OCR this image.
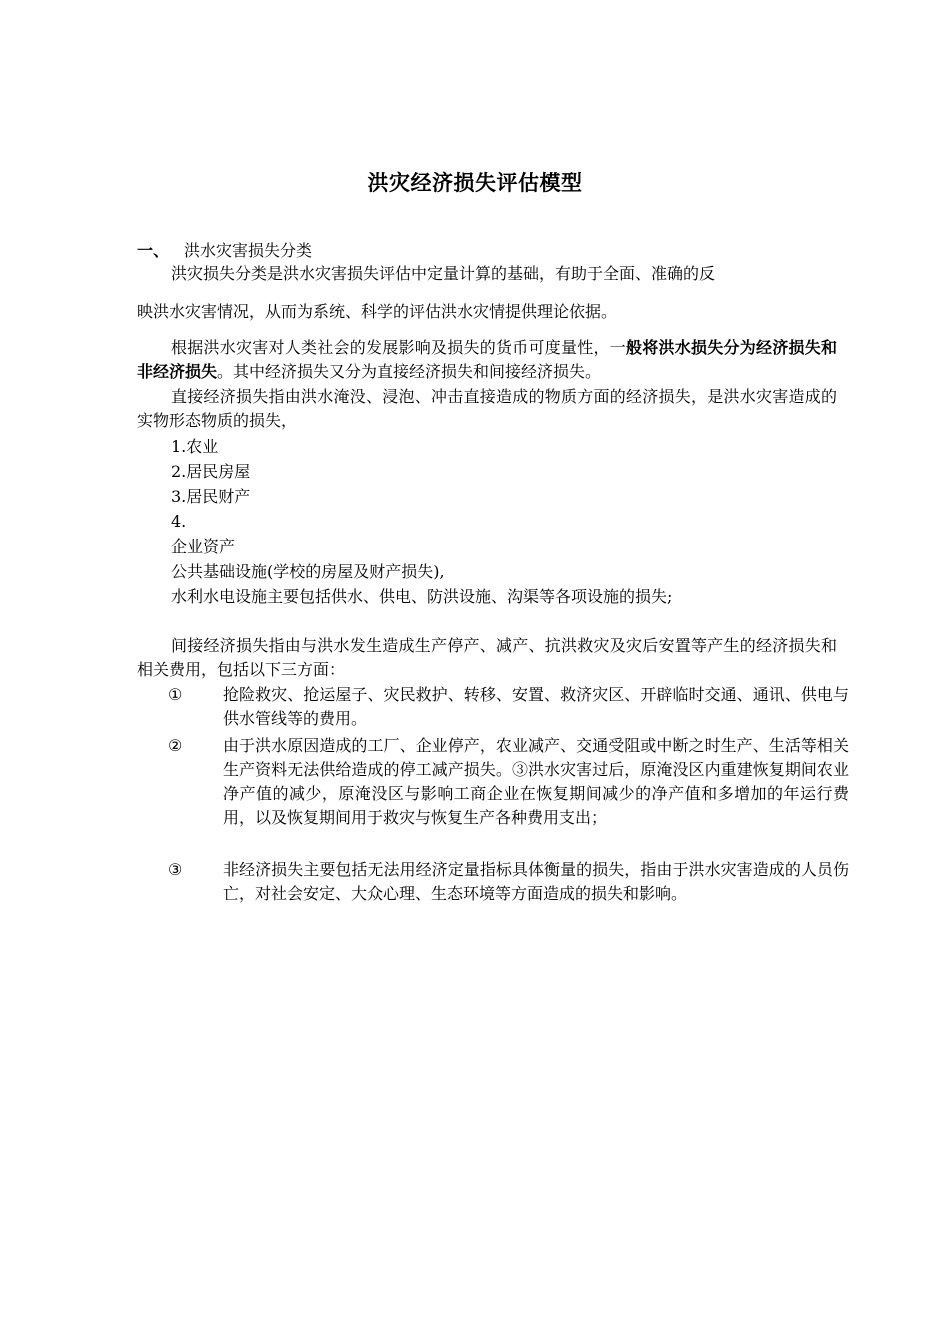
洪灾经济损失评估模型
一、 洪水灾害损失分类
洪灾损失分类是洪水灾害损失评估中定量计算的基础，有助于全面、准确的反
映洪水灾害情况，从而为系统、科学的评估洪水灾情提供理论依据。
根据洪水灾害对人类社会的发展影响及损失的货币可度量性，一般将洪水损失分为经济损失和非经济损失。其中经济损失又分为直接经济损失和间接经济损失。
直接经济损失指由洪水淹没、浸泡、冲击直接造成的物质方面的经济损失，是洪水灾害造成的实物形态物质的损失，
1.农业
2.居民房屋
3.居民财产
4.
企业资产
公共基础设施(学校的房屋及财产损失),
水利水电设施主要包括供水、供电、防洪设施、沟渠等各项设施的损失;
间接经济损失指由与洪水发生造成生产停产、减产、抗洪救灾及灾后安置等产生的经济损失和相关费用，包括以下三方面：
①	抢险救灾、抢运屋子、灾民救护、转移、安置、救济灾区、开辟临时交通、通讯、供电与供水管线等的费用。
②	由于洪水原因造成的工厂、企业停产，农业减产、交通受阻或中断之时生产、生活等相关生产资料无法供给造成的停工减产损失。③洪水灾害过后，原淹没区内重建恢复期间农业净产值的减少，原淹没区与影响工商企业在恢复期间减少的净产值和多增加的年运行费用，以及恢复期间用于救灾与恢复生产各种费用支出；
③	非经济损失主要包括无法用经济定量指标具体衡量的损失，指由于洪水灾害造成的人员伤亡，对社会安定、大众心理、生态环境等方面造成的损失和影响。
